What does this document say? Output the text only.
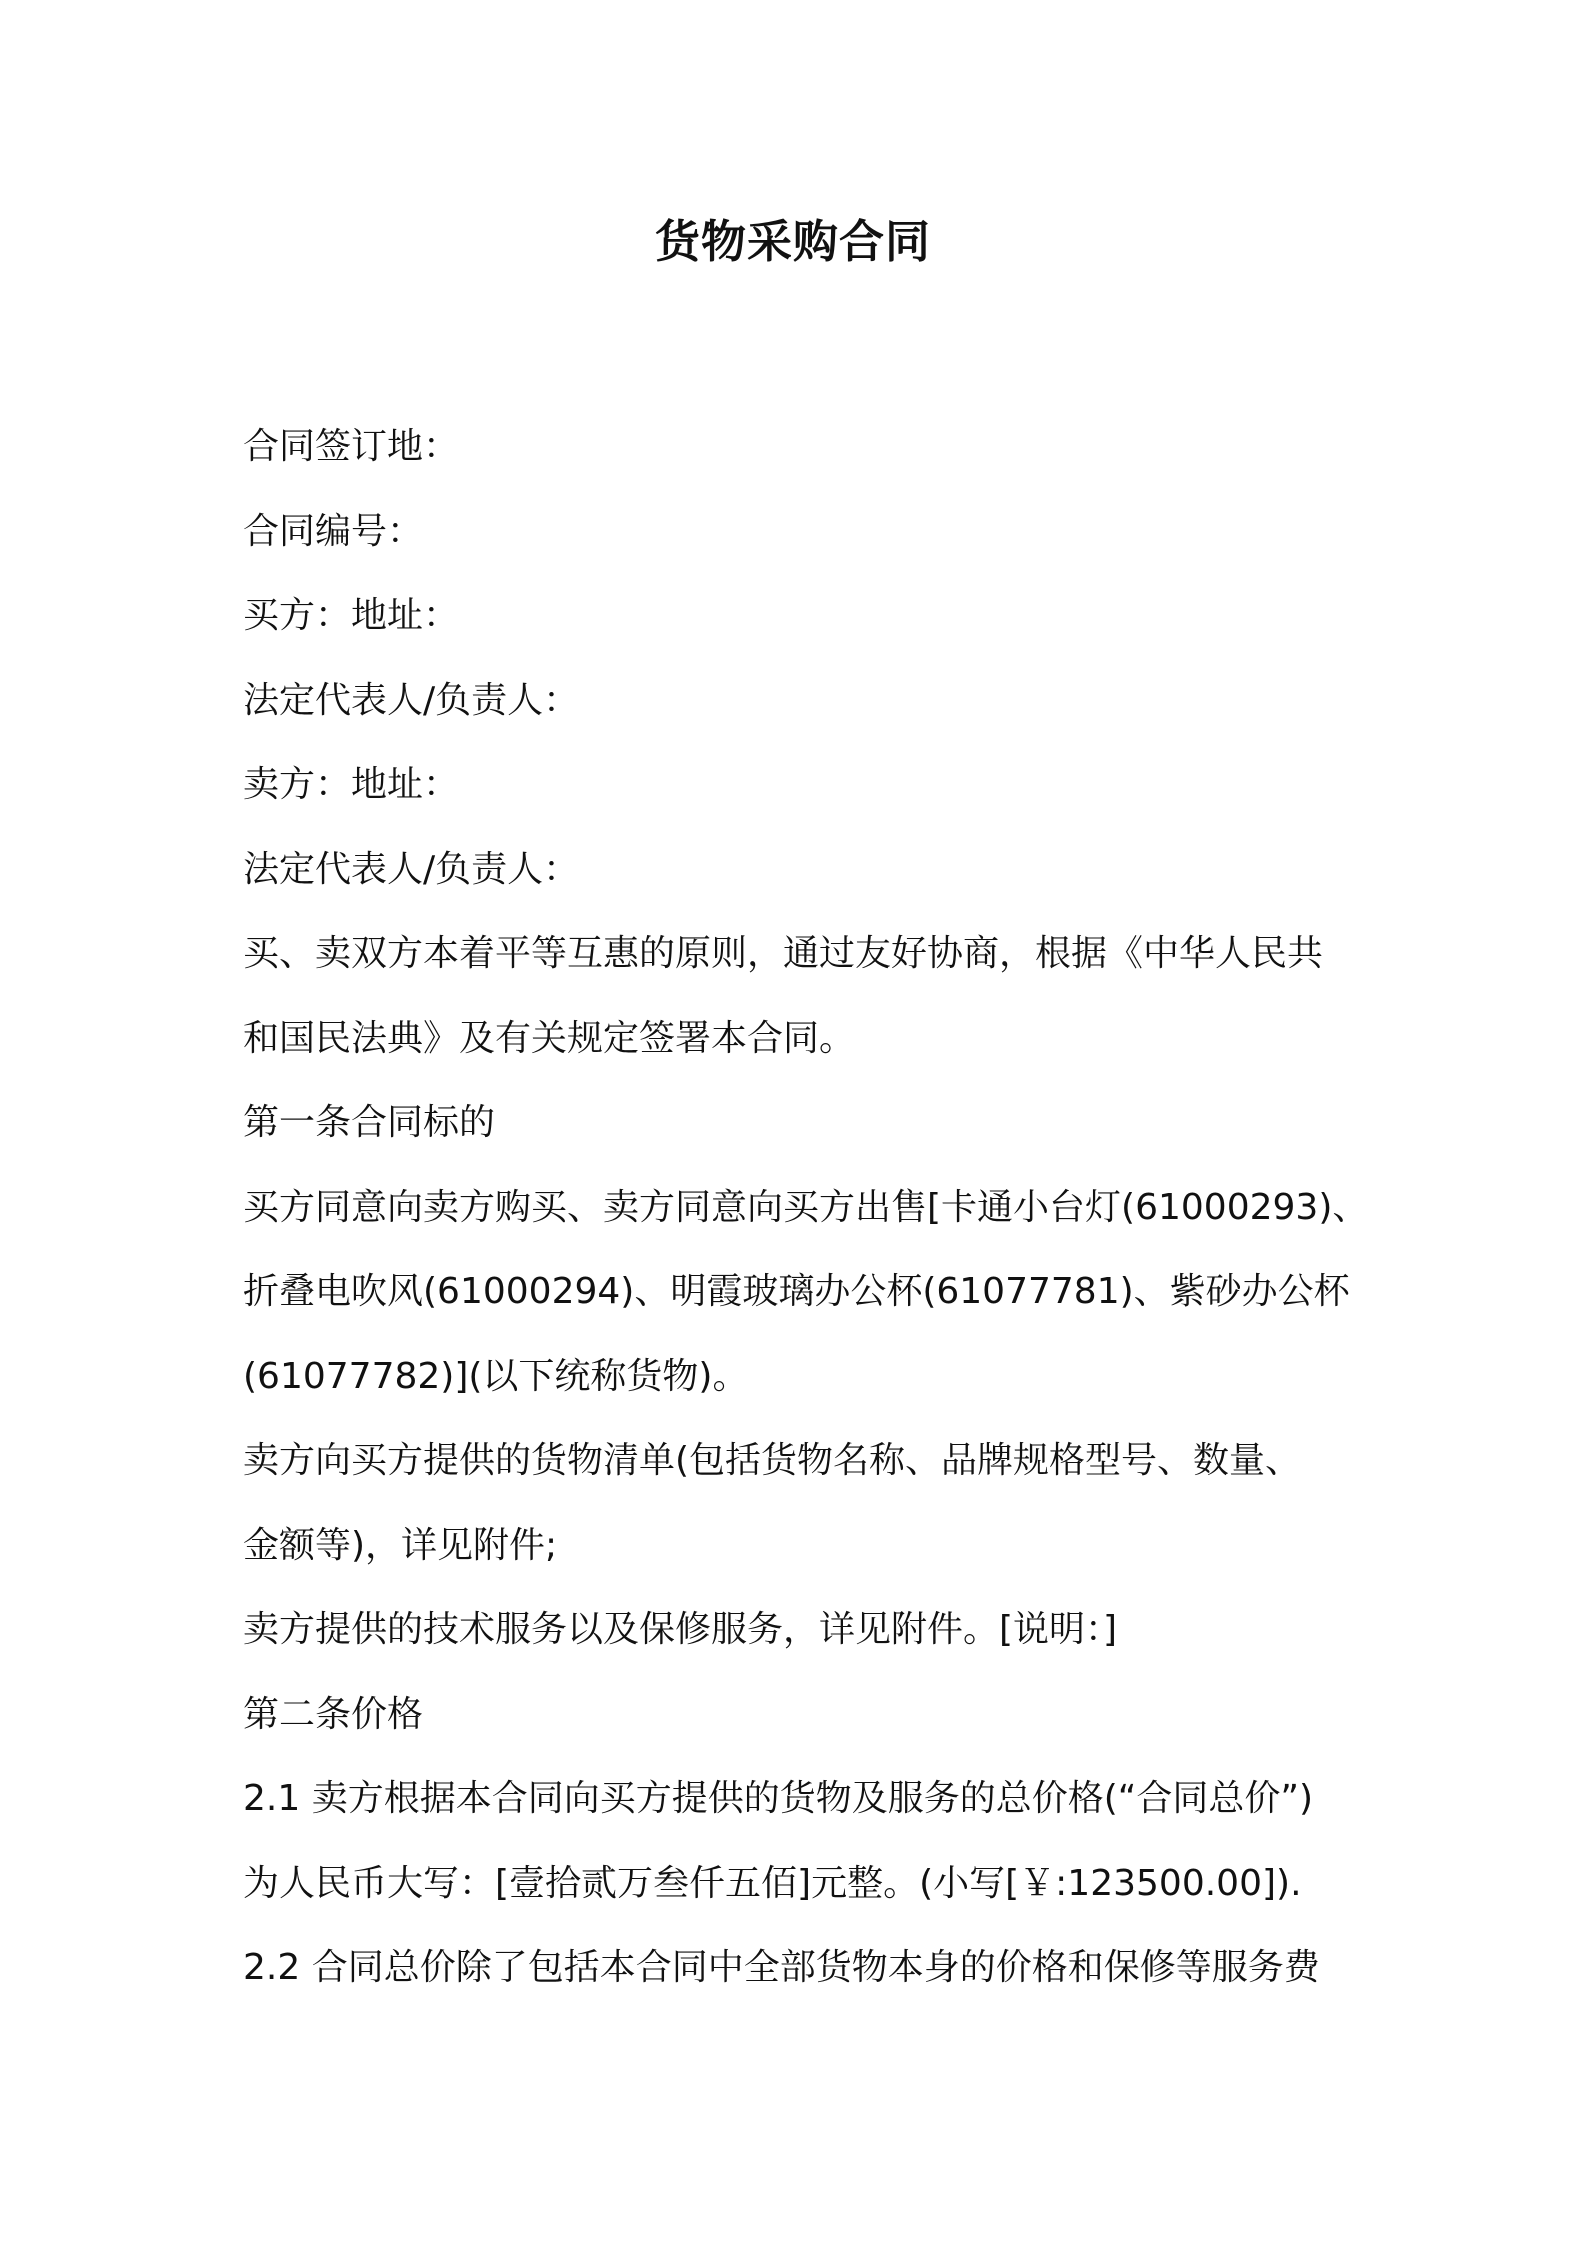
货物采购合同
合同签订地：
合同编号：
买方：地址：
法定代表人/负责人：
卖方：地址：
法定代表人/负责人：
买、卖双方本着平等互惠的原则，通过友好协商，根据《中华人民共
和国民法典》及有关规定签署本合同。
第一条合同标的
买方同意向卖方购买、卖方同意向买方出售[卡通小台灯(61000293)、
折叠电吹风(61000294)、明霞玻璃办公杯(61077781)、紫砂办公杯
(61077782)](以下统称货物)。
卖方向买方提供的货物清单(包括货物名称、品牌规格型号、数量、
金额等)，详见附件;
卖方提供的技术服务以及保修服务，详见附件。[说明：]
第二条价格
2.1 卖方根据本合同向买方提供的货物及服务的总价格(“合同总价”)
为人民币大写：[壹拾贰万叁仟五佰]元整。(小写[￥:123500.00]).
2.2 合同总价除了包括本合同中全部货物本身的价格和保修等服务费
